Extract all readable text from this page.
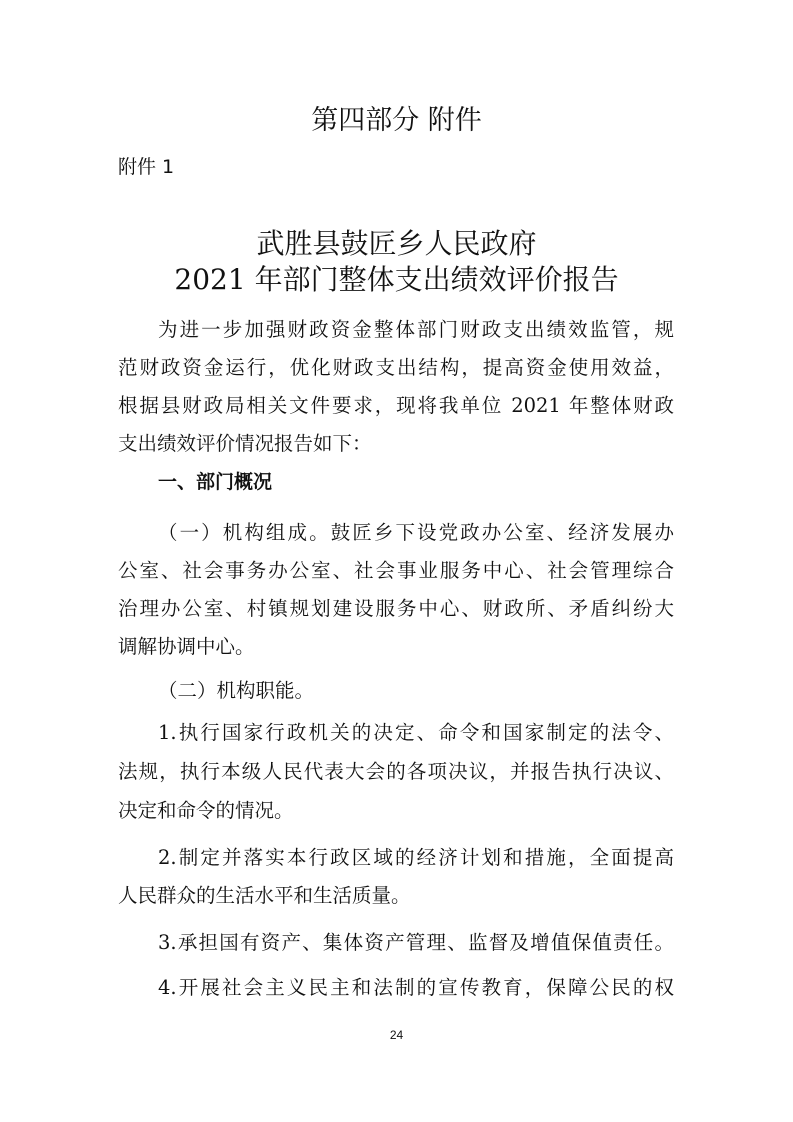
第四部分 附件
附件 1
武胜县鼓匠乡人民政府
2021 年部门整体支出绩效评价报告
为进一步加强财政资金整体部门财政支出绩效监管，规
范财政资金运行，优化财政支出结构，提高资金使用效益，
根据县财政局相关文件要求，现将我单位 2021 年整体财政
支出绩效评价情况报告如下：
一、部门概况
（一）机构组成。鼓匠乡下设党政办公室、经济发展办
公室、社会事务办公室、社会事业服务中心、社会管理综合
治理办公室、村镇规划建设服务中心、财政所、矛盾纠纷大
调解协调中心。
（二）机构职能。
1.执行国家行政机关的决定、命令和国家制定的法令、
法规，执行本级人民代表大会的各项决议，并报告执行决议、
决定和命令的情况。
2.制定并落实本行政区域的经济计划和措施，全面提高
人民群众的生活水平和生活质量。
3.承担国有资产、集体资产管理、监督及增值保值责任。
4.开展社会主义民主和法制的宣传教育，保障公民的权
24
